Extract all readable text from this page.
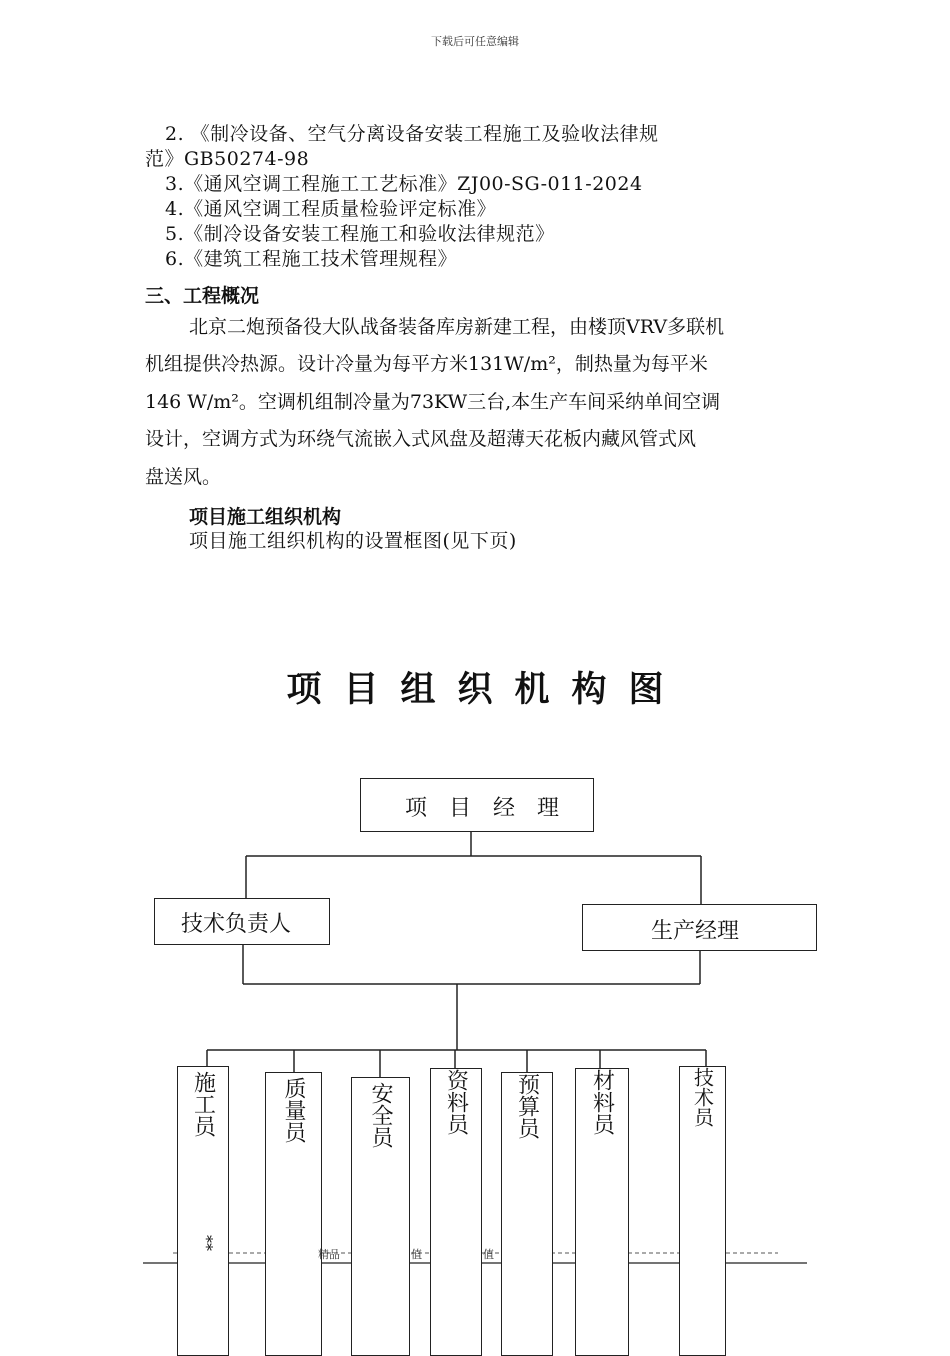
下载后可任意编辑
2. 《制冷设备、空气分离设备安装工程施工及验收法律规
范》GB50274-98
3.《通风空调工程施工工艺标准》ZJ00-SG-011-2024
4.《通风空调工程质量检验评定标准》
5.《制冷设备安装工程施工和验收法律规范》
6.《建筑工程施工技术管理规程》
三、工程概况
北京二炮预备役大队战备装备库房新建工程，由楼顶VRV多联机
机组提供冷热源。设计冷量为每平方米131W/m²，制热量为每平米
146 W/m²。空调机组制冷量为73KW三台,本生产车间采纳单间空调
设计，空调方式为环绕气流嵌入式风盘及超薄天花板内藏风管式风
盘送风。
项目施工组织机构
项目施工组织机构的设置框图(见下页)
项目组织机构图
项　目　经　理
技术负责人	生产经理
施工员
**
质量员	安全员	资料员	预算员	材料员	技术员
精品	值	值
